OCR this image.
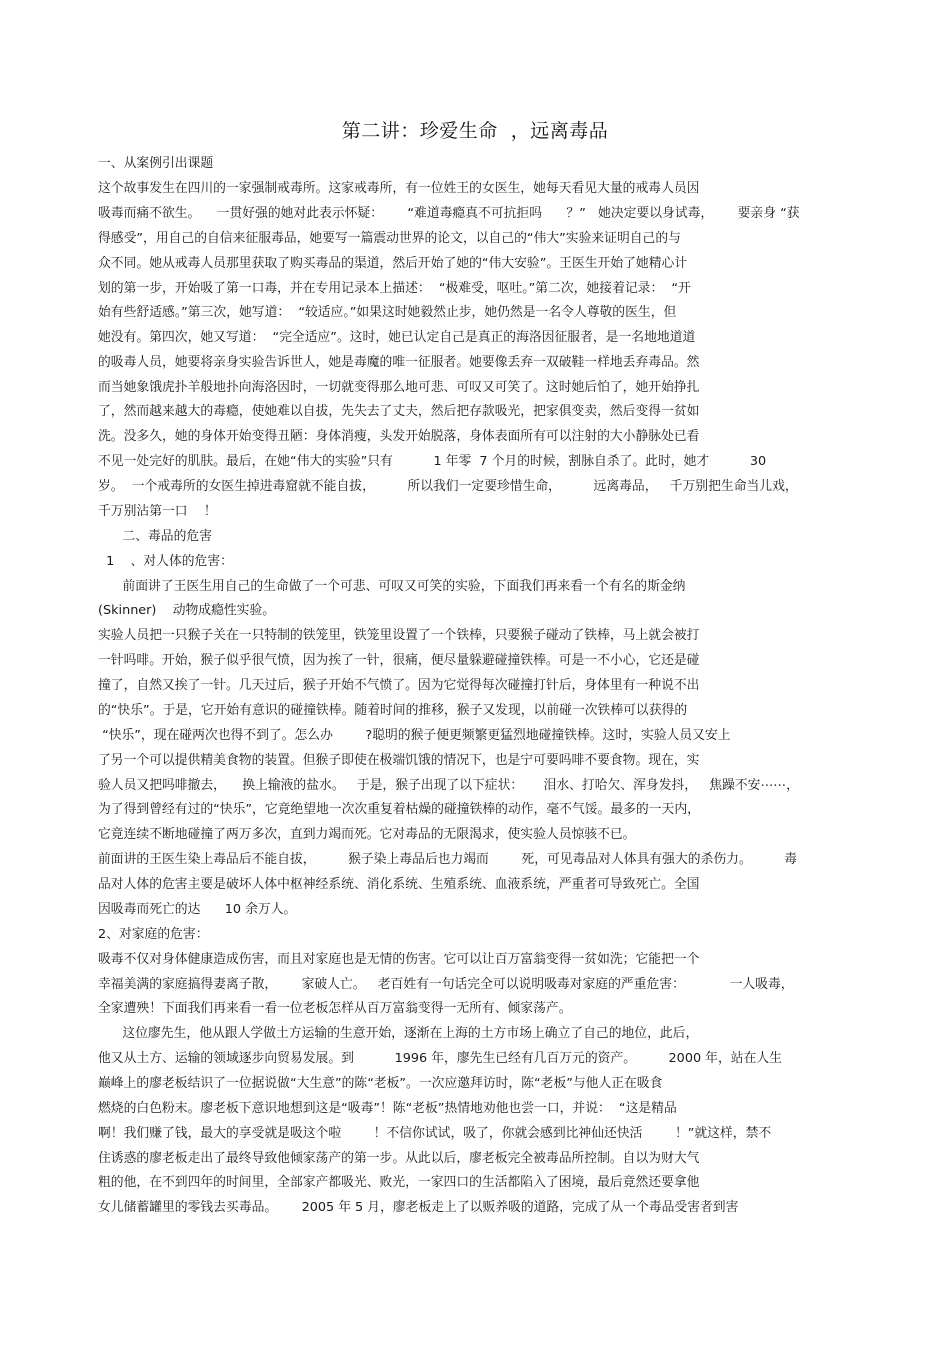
第二讲：珍爱生命  ，远离毒品
一、从案例引出课题
这个故事发生在四川的一家强制戒毒所。这家戒毒所，有一位姓王的女医生，她每天看见大量的戒毒人员因
吸毒而痛不欲生。    一贯好强的她对此表示怀疑：      “难道毒瘾真不可抗拒吗      ？”   她决定要以身试毒，      要亲身 “获
得感受”，用自己的自信来征服毒品，她要写一篇震动世界的论文，以自己的“伟大”实验来证明自己的与
众不同。她从戒毒人员那里获取了购买毒品的渠道，然后开始了她的“伟大安验”。王医生开始了她精心计
划的第一步，开始吸了第一口毒，并在专用记录本上描述：  “极难受，呕吐。”第二次，她接着记录：  “开
始有些舒适感。”第三次，她写道：  “较适应。”如果这时她毅然止步，她仍然是一名令人尊敬的医生，但
她没有。第四次，她又写道：  “完全适应”。这时，她已认定自己是真正的海洛因征服者，是一名地地道道
的吸毒人员，她要将亲身实验告诉世人，她是毒魔的唯一征服者。她要像丢弃一双破鞋一样地丢弃毒品。然
而当她象饿虎扑羊般地扑向海洛因时，一切就变得那么地可悲、可叹又可笑了。这时她后怕了，她开始挣扎
了，然而越来越大的毒瘾，使她难以自拔，先失去了丈夫，然后把存款吸光，把家俱变卖，然后变得一贫如
洗。没多久，她的身体开始变得丑陋：身体消瘦，头发开始脱落，身体表面所有可以注射的大小静脉处已看
不见一处完好的肌肤。最后，在她“伟大的实验”只有          1 年零  7 个月的时候，割脉自杀了。此时，她才          30
岁。  一个戒毒所的女医生掉进毒窟就不能自拔，        所以我们一定要珍惜生命，        远离毒品，   千万别把生命当儿戏，
千万别沾第一口    ！
二、毒品的危害
1    、对人体的危害：
前面讲了王医生用自己的生命做了一个可悲、可叹又可笑的实验，下面我们再来看一个有名的斯金纳
(Skinner)    动物成瘾性实验。
实验人员把一只猴子关在一只特制的铁笼里，铁笼里设置了一个铁棒，只要猴子碰动了铁棒，马上就会被打
一针吗啡。开始，猴子似乎很气愤，因为挨了一针，很痛，便尽量躲避碰撞铁棒。可是一不小心，它还是碰
撞了，自然又挨了一针。几天过后，猴子开始不气愤了。因为它觉得每次碰撞打针后，身体里有一种说不出
的“快乐”。于是，它开始有意识的碰撞铁棒。随着时间的推移，猴子又发现，以前碰一次铁棒可以获得的
“快乐”，现在碰两次也得不到了。怎么办        ?聪明的猴子便更频繁更猛烈地碰撞铁棒。这时，实验人员又安上
了另一个可以提供精美食物的装置。但猴子即使在极端饥饿的情况下，也是宁可要吗啡不要食物。现在，实
验人员又把吗啡撤去，    换上输液的盐水。   于是，猴子出现了以下症状：     泪水、打哈欠、浑身发抖，   焦躁不安⋯⋯，
为了得到曾经有过的“快乐”，它竟绝望地一次次重复着枯燥的碰撞铁棒的动作，毫不气馁。最多的一天内，
它竟连续不断地碰撞了两万多次，直到力竭而死。它对毒品的无限渴求，使实验人员惊骇不已。
前面讲的王医生染上毒品后不能自拔，        猴子染上毒品后也力竭而        死，可见毒品对人体具有强大的杀伤力。        毒
品对人体的危害主要是破坏人体中枢神经系统、消化系统、生殖系统、血液系统，严重者可导致死亡。全国
因吸毒而死亡的达      10 余万人。
2、对家庭的危害：
吸毒不仅对身体健康造成伤害，而且对家庭也是无情的伤害。它可以让百万富翁变得一贫如洗；它能把一个
幸福美满的家庭搞得妻离子散，      家破人亡。   老百姓有一句话完全可以说明吸毒对家庭的严重危害：           一人吸毒，
全家遭殃！下面我们再来看一看一位老板怎样从百万富翁变得一无所有、倾家荡产。
这位廖先生，他从跟人学做土方运输的生意开始，逐渐在上海的土方市场上确立了自己的地位，此后，
他又从土方、运输的领域逐步向贸易发展。到          1996 年，廖先生已经有几百万元的资产。        2000 年，站在人生
巅峰上的廖老板结识了一位据说做“大生意”的陈“老板”。一次应邀拜访时，陈“老板”与他人正在吸食
燃烧的白色粉末。廖老板下意识地想到这是“吸毒”！陈“老板”热情地劝他也尝一口，并说：  “这是精品
啊！我们赚了钱，最大的享受就是吸这个啦        ！不信你试试，吸了，你就会感到比神仙还快活        ！”就这样，禁不
住诱惑的廖老板走出了最终导致他倾家荡产的第一步。从此以后，廖老板完全被毒品所控制。自以为财大气
粗的他，在不到四年的时间里，全部家产都吸光、败光，一家四口的生活都陷入了困境，最后竟然还要拿他
女儿储蓄罐里的零钱去买毒品。      2005 年 5 月，廖老板走上了以贩养吸的道路，完成了从一个毒品受害者到害
